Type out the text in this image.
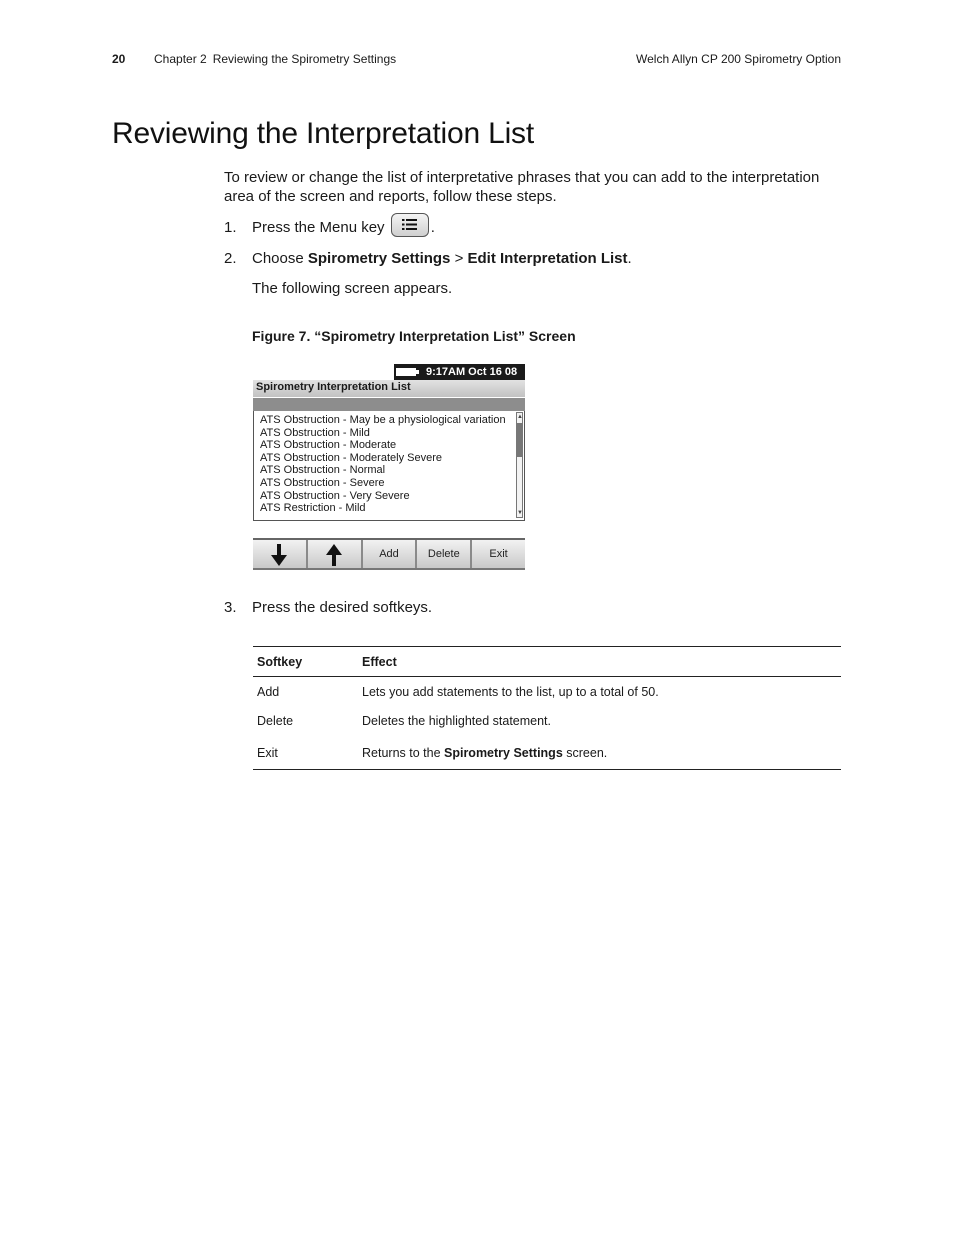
20 Chapter 2 Reviewing the Spirometry Settings	Welch Allyn CP 200 Spirometry Option
Reviewing the Interpretation List

To review or change the list of interpretative phrases that you can add to the interpretation area of the screen and reports, follow these steps.

1. Press the Menu key	.
2. Choose Spirometry Settings > Edit Interpretation List.
The following screen appears.
Figure 7. “Spirometry Interpretation List” Screen
9:17AM Oct 16 08
Spirometry Interpretation List
ATS Obstruction - May be a physiological variation
ATS Obstruction - Mild
ATS Obstruction - Moderate
ATS Obstruction - Moderately Severe
ATS Obstruction - Normal
ATS Obstruction - Severe
ATS Obstruction - Very Severe
ATS Restriction - Mild
▲
▼
Add	Delete	Exit
3. Press the desired softkeys.
Softkey	Effect
Add	Lets you add statements to the list, up to a total of 50.
Delete	Deletes the highlighted statement.
Exit	Returns to the Spirometry Settings screen.
